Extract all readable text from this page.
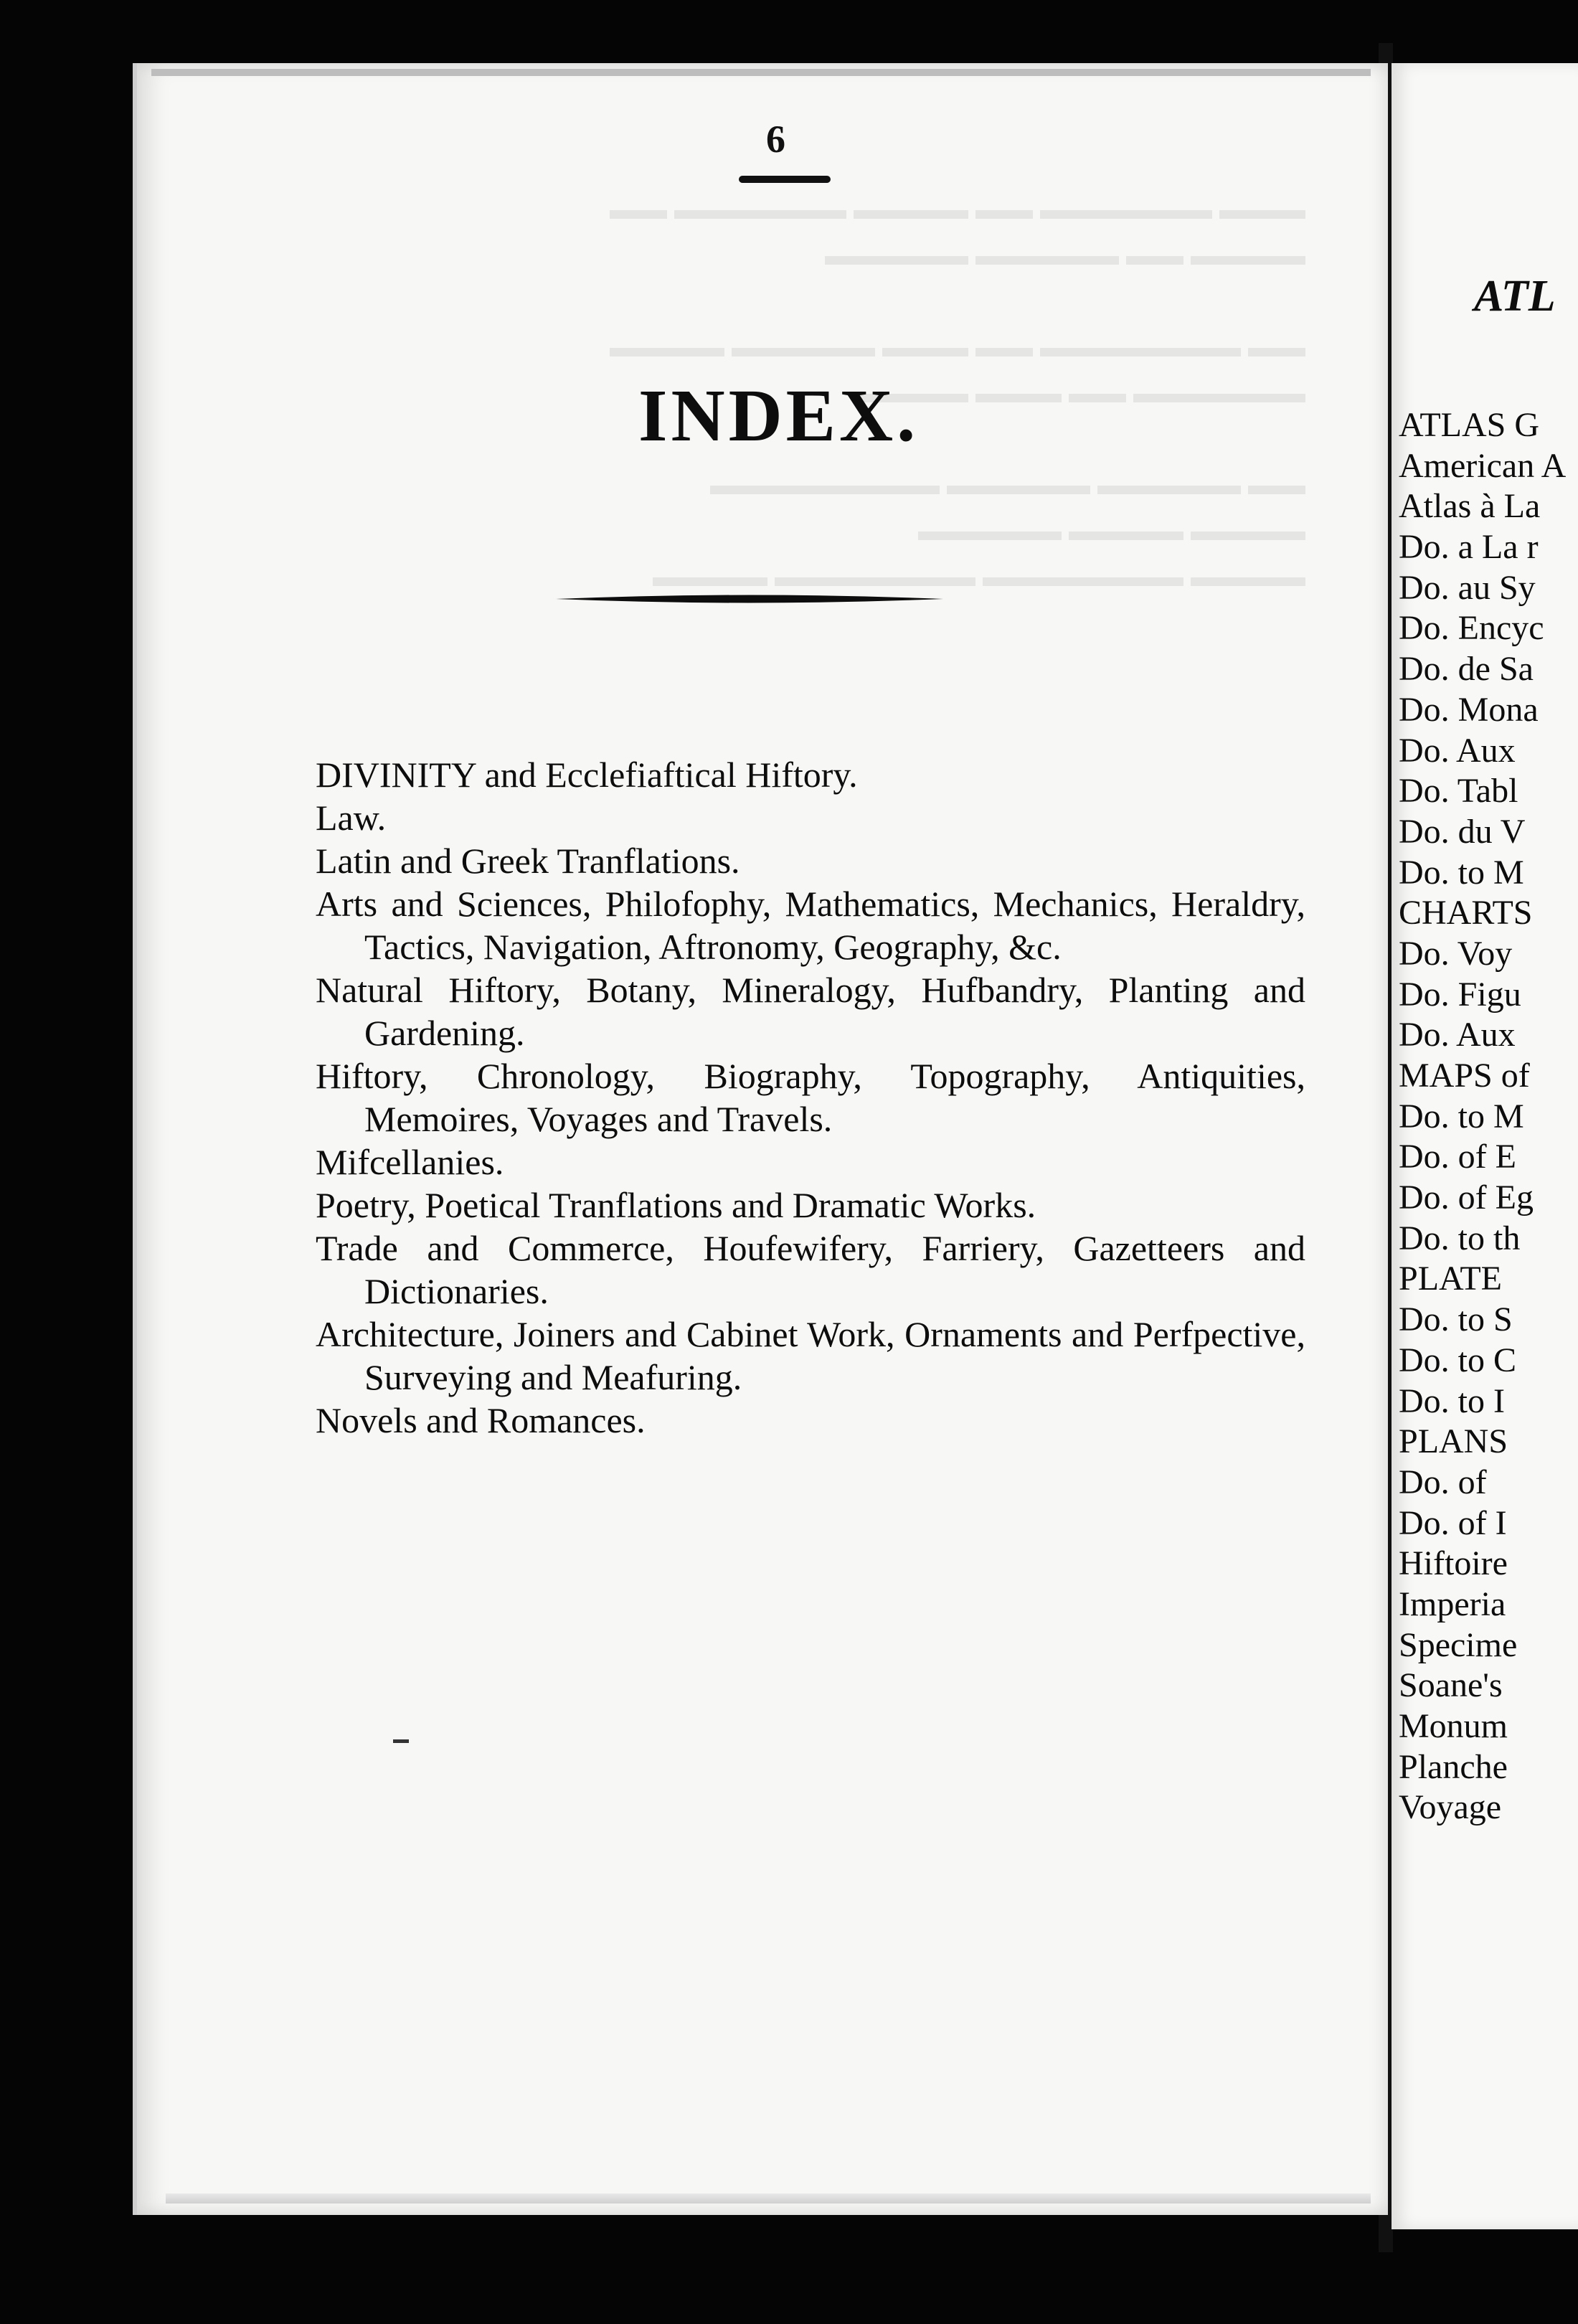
▬▬▬ ▬▬▬▬▬▬ ▬▬ ▬▬▬▬ ▬▬▬▬▬▬ ▬▬
▬▬▬▬ ▬▬ ▬▬▬▬▬ ▬▬▬▬▬
▬▬ ▬▬▬▬▬▬▬ ▬▬ ▬▬▬ ▬▬▬▬▬ ▬▬▬▬
▬▬▬▬▬▬ ▬▬ ▬▬▬ ▬▬▬▬
▬▬ ▬▬▬▬▬ ▬▬▬▬▬ ▬▬▬▬▬▬▬▬
▬▬▬▬ ▬▬▬▬ ▬▬▬▬▬
▬▬▬▬ ▬▬▬▬▬▬▬ ▬▬▬▬▬▬▬ ▬▬▬▬
6
INDEX.
DIVINITY and Ecclefiaftical Hiftory.
Law.
Latin and Greek Tranflations.
Arts and Sciences, Philofophy, Mathematics, Mechanics, Heraldry, Tactics, Navigation, Aftronomy, Geography, &c.
Natural Hiftory, Botany, Mineralogy, Hufbandry, Planting and Gardening.
Hiftory, Chronology, Biography, Topography, Antiquities, Memoires, Voyages and Travels.
Mifcellanies.
Poetry, Poetical Tranflations and Dramatic Works.
Trade and Commerce, Houfewifery, Farriery, Gazetteers and Dictionaries.
Architecture, Joiners and Cabinet Work, Ornaments and Perfpective, Surveying and Meafuring.
Novels and Romances.
ATL
ATLAS G
American A
Atlas à La
Do. a La r
Do. au Sy
Do. Encyc
Do. de Sa
Do. Mona
Do. Aux
Do. Tabl
Do. du V
Do. to M
CHARTS
Do. Voy
Do. Figu
Do. Aux
MAPS of
Do. to M
Do. of E
Do. of Eg
Do. to th
PLATE
Do. to S
Do. to C
Do. to I
PLANS
Do. of
Do. of I
Hiftoire
Imperia
Specime
Soane's
Monum
Planche
Voyage
